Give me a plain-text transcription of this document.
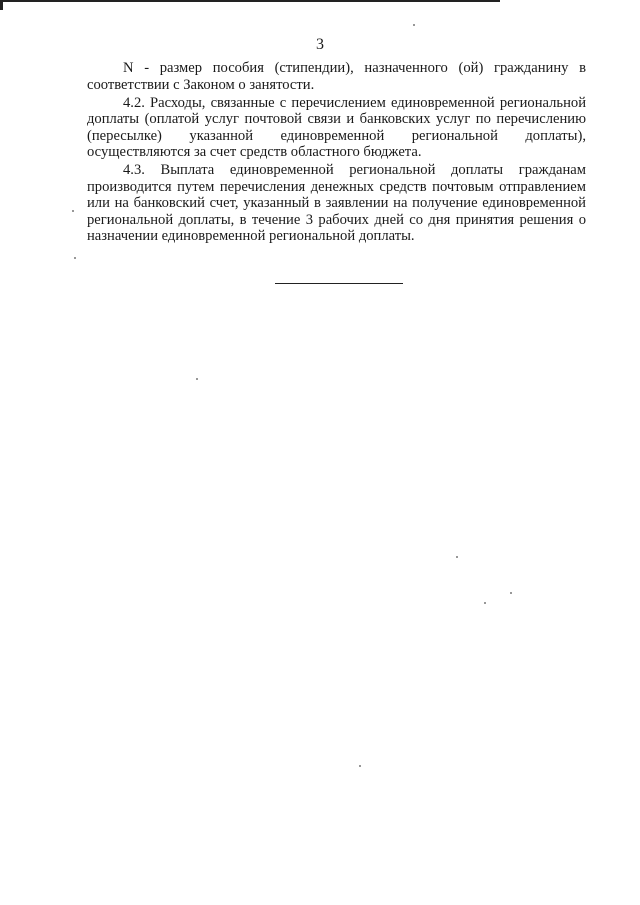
3

N - размер пособия (стипендии), назначенного (ой) гражданину в соответствии с Законом о занятости.

4.2. Расходы, связанные с перечислением единовременной региональной доплаты (оплатой услуг почтовой связи и банковских услуг по перечислению (пересылке) указанной единовременной региональной доплаты), осуществляются за счет средств областного бюджета.

4.3. Выплата единовременной региональной доплаты гражданам производится путем перечисления денежных средств почтовым отправлением или на банковский счет, указанный в заявлении на получение единовременной региональной доплаты, в течение 3 рабочих дней со дня принятия решения о назначении единовременной региональной доплаты.
